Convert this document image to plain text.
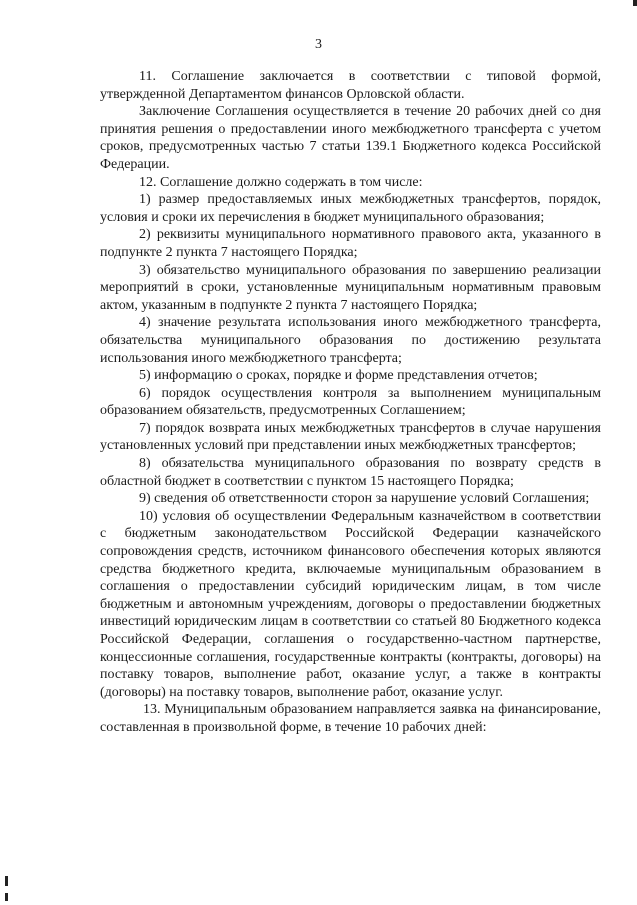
3

11. Соглашение заключается в соответствии с типовой формой, утвержденной Департаментом финансов Орловской области.

Заключение Соглашения осуществляется в течение 20 рабочих дней со дня принятия решения о предоставлении иного межбюджетного трансферта с учетом сроков, предусмотренных частью 7 статьи 139.1 Бюджетного кодекса Российской Федерации.

12. Соглашение должно содержать в том числе:

1) размер предоставляемых иных межбюджетных трансфертов, порядок, условия и сроки их перечисления в бюджет муниципального образования;

2) реквизиты муниципального нормативного правового акта, указанного в подпункте 2 пункта 7 настоящего Порядка;

3) обязательство муниципального образования по завершению реализации мероприятий в сроки, установленные муниципальным нормативным правовым актом, указанным в подпункте 2 пункта 7 настоящего Порядка;

4) значение результата использования иного межбюджетного трансферта, обязательства муниципального образования по достижению результата использования иного межбюджетного трансферта;

5) информацию о сроках, порядке и форме представления отчетов;

6) порядок осуществления контроля за выполнением муниципальным образованием обязательств, предусмотренных Соглашением;

7) порядок возврата иных межбюджетных трансфертов в случае нарушения установленных условий при представлении иных межбюджетных трансфертов;

8) обязательства муниципального образования по возврату средств в областной бюджет в соответствии с пунктом 15 настоящего Порядка;

9) сведения об ответственности сторон за нарушение условий Соглашения;

10) условия об осуществлении Федеральным казначейством в соответствии с бюджетным законодательством Российской Федерации казначейского сопровождения средств, источником финансового обеспечения которых являются средства бюджетного кредита, включаемые муниципальным образованием в соглашения о предоставлении субсидий юридическим лицам, в том числе бюджетным и автономным учреждениям, договоры о предоставлении бюджетных инвестиций юридическим лицам в соответствии со статьей 80 Бюджетного кодекса Российской Федерации, соглашения о государственно-частном партнерстве, концессионные соглашения, государственные контракты (контракты, договоры) на поставку товаров, выполнение работ, оказание услуг, а также в контракты (договоры) на поставку товаров, выполнение работ, оказание услуг.

13. Муниципальным образованием направляется заявка на финансирование, составленная в произвольной форме, в течение 10 рабочих дней:
